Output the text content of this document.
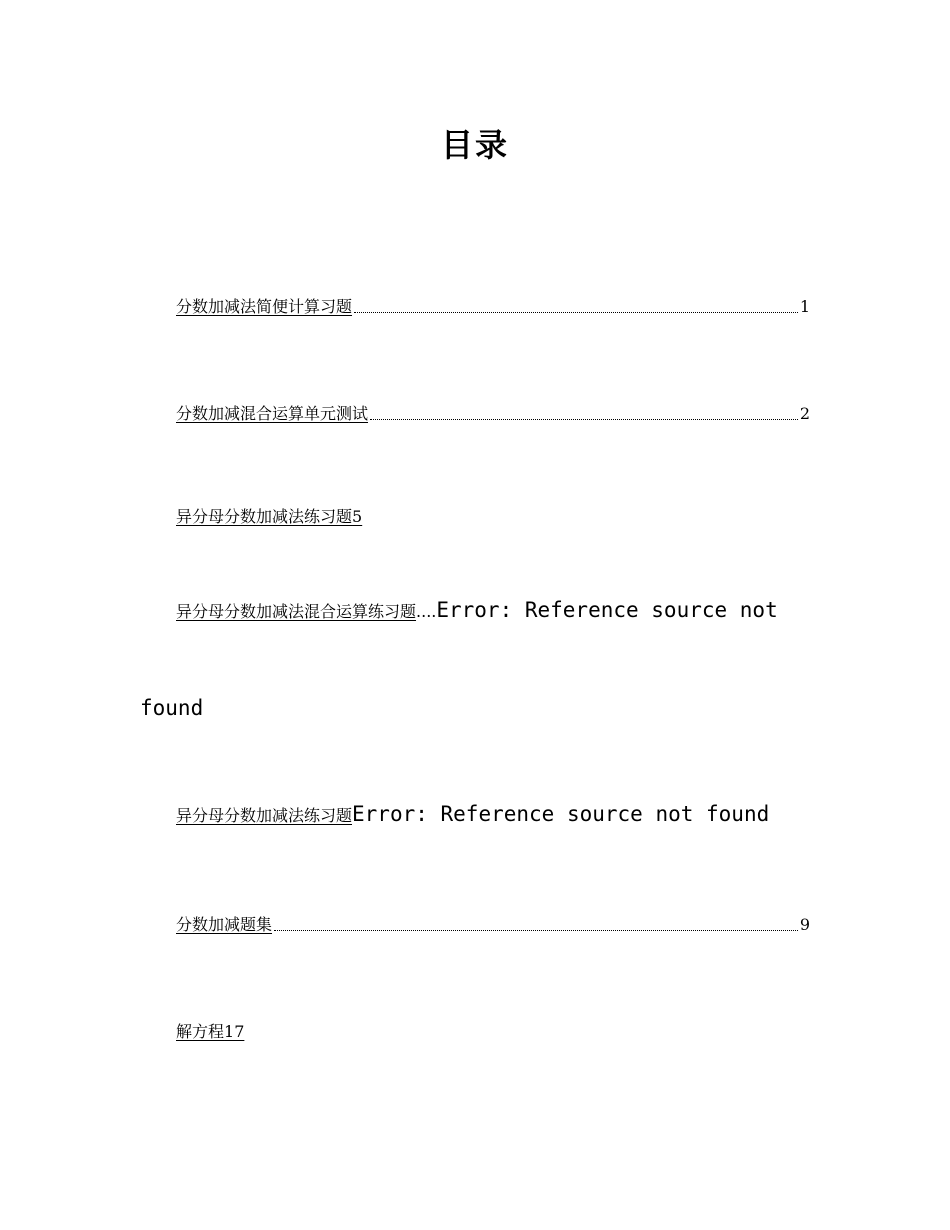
目录
分数加减法简便计算习题	1
分数加减混合运算单元测试	2
异分母分数加减法练习题5
异分母分数加减法混合运算练习题....Error: Reference source not
found
异分母分数加减法练习题Error: Reference source not found
分数加减题集	9
解方程17
